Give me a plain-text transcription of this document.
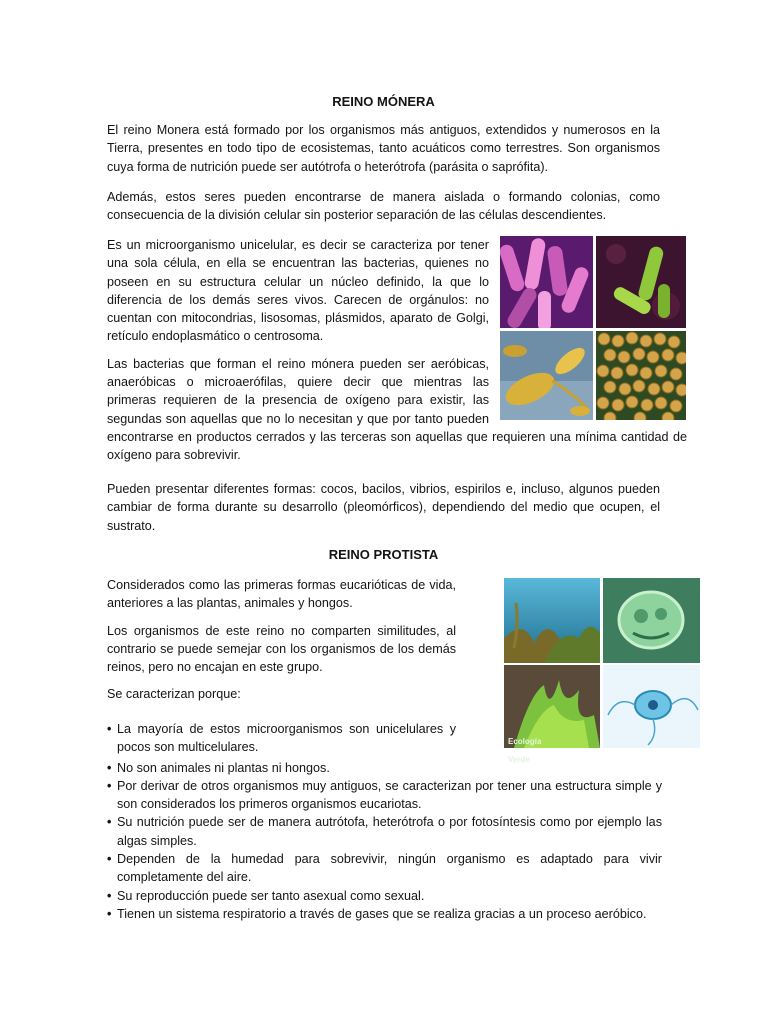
REINO MÓNERA

El reino Monera está formado por los organismos más antiguos, extendidos y numerosos en la Tierra, presentes en todo tipo de ecosistemas, tanto acuáticos como terrestres. Son organismos cuya forma de nutrición puede ser autótrofa o heterótrofa (parásita o saprófita).

Además, estos seres pueden encontrarse de manera aislada o formando colonias, como consecuencia de la división celular sin posterior separación de las células descendientes.

Es un microorganismo unicelular, es decir se caracteriza por tener una sola célula, en ella se encuentran las bacterias, quienes no poseen en su estructura celular un núcleo definido, la que lo diferencia de los demás seres vivos. Carecen de orgánulos: no cuentan con mitocondrias, lisosomas, plásmidos, aparato de Golgi, retículo endoplasmático o centrosoma.

Las bacterias que forman el reino mónera pueden ser aeróbicas, anaeróbicas o microaerófilas, quiere decir que mientras las primeras requieren de la presencia de oxígeno para existir, las segundas son aquellas que no lo necesitan y que por tanto pueden encontrarse en productos cerrados y las terceras son aquellas que requieren una mínima cantidad de oxígeno para sobrevivir.

Pueden presentar diferentes formas: cocos, bacilos, vibrios, espirilos e, incluso, algunos pueden cambiar de forma durante su desarrollo (pleomórficos), dependiendo del medio que ocupen, el sustrato.

REINO PROTISTA

Considerados como las primeras formas eucarióticas de vida, anteriores a las plantas, animales y hongos.

Los organismos de este reino no comparten similitudes, al contrario se puede semejar con los organismos de los demás reinos, pero no encajan en este grupo.

Se caracterizan porque:

Ecología Verde
• La mayoría de estos microorganismos son unicelulares y pocos son multicelulares.
• No son animales ni plantas ni hongos.
• Por derivar de otros organismos muy antiguos, se caracterizan por tener una estructura simple y son considerados los primeros organismos eucariotas.
• Su nutrición puede ser de manera autrótofa, heterótrofa o por fotosíntesis como por ejemplo las algas simples.
• Dependen de la humedad para sobrevivir, ningún organismo es adaptado para vivir completamente del aire.
• Su reproducción puede ser tanto asexual como sexual.
• Tienen un sistema respiratorio a través de gases que se realiza gracias a un proceso aeróbico.
